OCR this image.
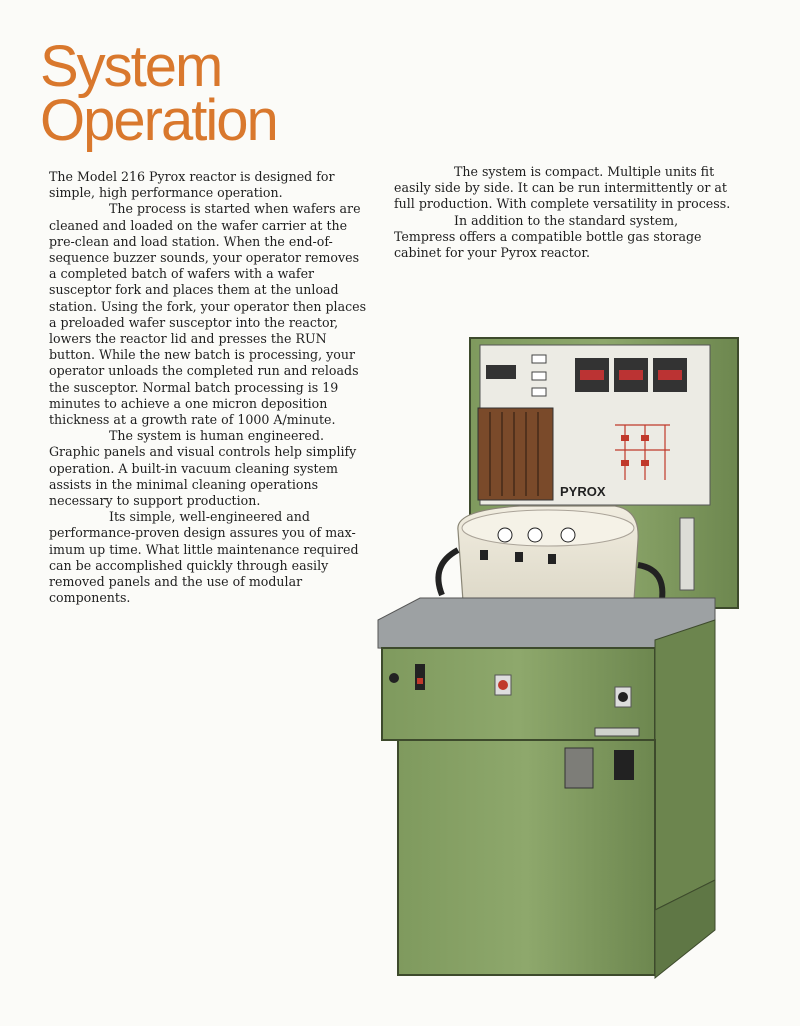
System
Operation

The Model 216 Pyrox reactor is designed for simple, high performance operation.

The process is started when wafers are cleaned and loaded on the wafer carrier at the pre-clean and load station. When the end-of-sequence buzzer sounds, your operator removes a completed batch of wafers with a wafer susceptor fork and places them at the unload station. Using the fork, your operator then places a preloaded wafer susceptor into the reactor, lowers the reactor lid and presses the RUN button. While the new batch is processing, your operator unloads the completed run and reloads the susceptor. Normal batch processing is 19 minutes to achieve a one micron deposition thickness at a growth rate of 1000 A/minute.

The system is human engineered. Graphic panels and visual controls help simplify operation. A built-in vacuum cleaning system assists in the minimal cleaning operations necessary to support production.

Its simple, well-engineered and performance-proven design assures you of max-imum up time. What little maintenance required can be accomplished quickly through easily removed panels and the use of modular components.

The system is compact. Multiple units fit easily side by side. It can be run intermittently or at full production. With complete versatility in process.

In addition to the standard system, Tempress offers a compatible bottle gas storage cabinet for your Pyrox reactor.

PYROX
